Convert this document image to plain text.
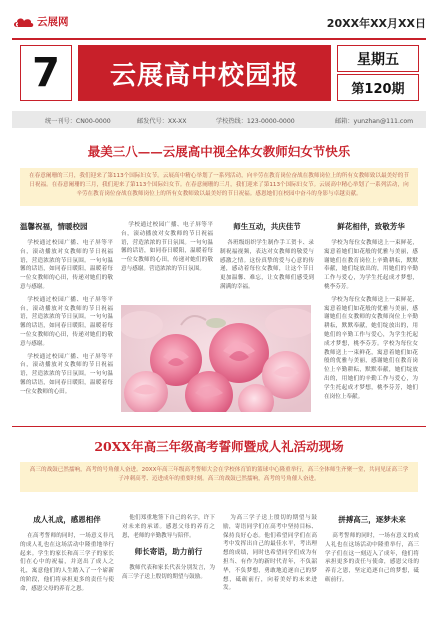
云展网	20XX年XX月XX日
7	云展高中校园报
星期五
第120期
统一刊号：CN00-0000	邮发代号：XX-XX	学校热线：123-0000-0000	邮箱：yunzhan@111.com
最美三八——云展高中视全体女教师妇女节快乐
在春意阑珊的三月，我们迎来了第113个国际妇女节。云展高中精心举划了一系列活动，向辛劳在教育岗位奋战在教师岗位上的所有女教师致以最美好的节日祝福。在春意阑珊的三月，我们迎来了第113个国际妇女节。在春意阑珊的三月，我们迎来了第113个国际妇女节。云展高中精心举划了一系列活动，向辛劳在教育岗位奋战在教师岗位上的所有女教师致以最美好的节日祝福。感恩她们在校园中奋斗的身影与卓越贡献。
温馨祝福，情暖校园

学校通过校园广播、电子屏等平台，滚动播放对女教师的节日祝福语，营造浓浓的节日氛围。一句句温馨的话语，如同春日暖阳，温暖着每一位女教师的心田，传递对她们的敬意与感谢。

学校通过校园广播、电子屏等平台，滚动播放对女教师的节日祝福语，营造浓浓的节日氛围。一句句温馨的话语，如同春日暖阳，温暖着每一位女教师的心田，传递对她们的敬意与感谢。

学校通过校园广播、电子屏等平台，滚动播放对女教师的节日祝福语，营造浓浓的节日氛围。一句句温馨的话语，如同春日暖阳，温暖着每一位女教师的心田。

学校通过校园广播、电子屏等平台，滚动播放对女教师的节日祝福语，营造浓浓的节日氛围。一句句温馨的话语，如同春日暖阳，温暖着每一位女教师的心田，传递对她们的敬意与感谢。营造浓浓的节日氛围。

师生互动，共庆佳节

各班级组织学生制作手工贺卡、录制祝福视频，表达对女教师的敬爱与感激之情。这份真挚的爱与心意的传递，感动着每位女教师，让这个节日更加温馨、难忘，让女教师们感受到满满的幸福。

鲜花相伴，致敬芳华

学校为每位女教师送上一束鲜花，寓意着她们如花般的优雅与美丽，感谢她们在教育岗位上辛勤耕耘，默默奉献，她们绽放出的，用她们的辛勤工作与爱心，为学生托起成才梦想，桃李芬芳。

学校为每位女教师送上一束鲜花，寓意着她们如花般的优雅与美丽，感谢她们在女教师的女教师岗位上辛勤耕耘，默默奉献，她们绽放出的，用她们的辛勤工作与爱心，为学生托起成才梦想，桃李芬芳。学校为每位女教师送上一束鲜花，寓意着她们如花般的优雅与美丽，感谢她们在教育岗位上辛勤耕耘，默默奉献，她们绽放出的，用她们的辛勤工作与爱心，为学生托起成才梦想，桃李芬芳，她们在岗位上奉献。

20XX年高三年级高考誓师暨成人礼活动现场
高三的战鼓已然擂响，高考的号角催人奋进。20XX年高三年级高考誓师大会在学校体育馆的篮球中心隆重举行，高三全体师生齐聚一堂，共同见证高三学子冲刺高考、迈进成年的重要时刻。高三的战鼓已然擂响，高考的号角催人奋进。
成人礼成，感恩相伴

在高考誓师的同时，一场意义非凡的成人礼也在这场活动中隆重地举行起来。学生的家长和高三学子的家长们在心中的祝福，并送出了成人之礼，寓意他们的人生踏入了一个崭新的阶段，他们将承担更多的责任与使命，感恩父母的养育之恩。

他们郑重地签下自己的名字，许下对未来的承诺。感恩父母的养育之恩，老师的辛勤教导与陪伴。

师长寄语，助力前行

教师代表和家长代表分别发言，为高三学子送上殷切的期望与鼓励。

为高三学子送上殷切的期望与鼓励，寄语同学们在高考中坚持目标、保持良好心态。他们希望同学们在高考中发挥出自己的最佳水平，考出理想的成绩，同时也希望同学们成为有担当、有作为的新时代青年，不负韶华，不负梦想，勇敢地追逐自己的梦想，砥砺前行，向着美好的未来进发。

拼搏高三，逐梦未来

高考誓师的同时，一场有意义的成人礼也在这场活动中隆重举行，高三学子们在这一刻迈入了成年，他们将承担更多的责任与使命，感恩父母的养育之恩，坚定追逐自己的梦想，砥砺前行。
